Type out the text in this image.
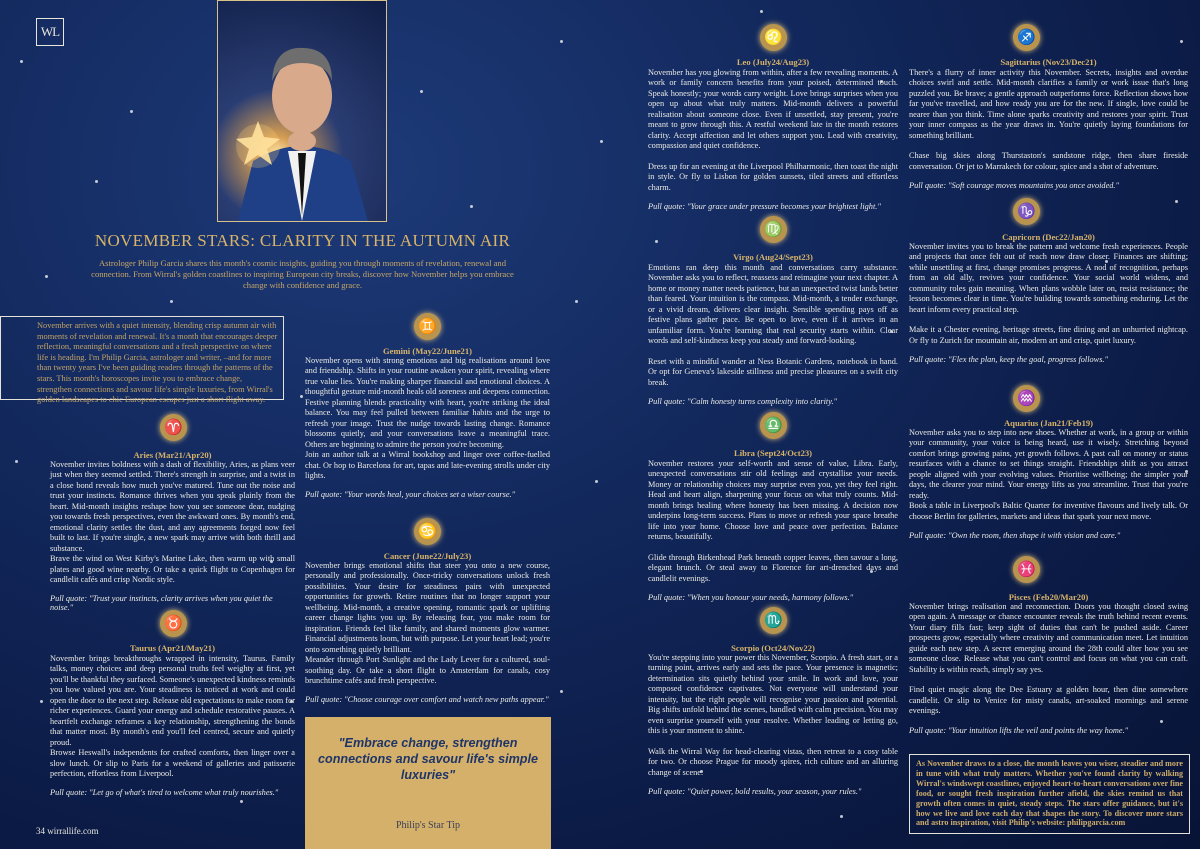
WL
NOVEMBER STARS: CLARITY IN THE AUTUMN AIR
Astrologer Philip Garcia shares this month's cosmic insights, guiding you through moments of revelation, renewal and connection. From Wirral's golden coastlines to inspiring European city breaks, discover how November helps you embrace change with confidence and grace.
November arrives with a quiet intensity, blending crisp autumn air with moments of revelation and renewal. It's a month that encourages deeper reflection, meaningful conversations and a fresh perspective on where life is heading. I'm Philip Garcia, astrologer and writer, –and for more than twenty years I've been guiding readers through the patterns of the stars. This month's horoscopes invite you to embrace change, strengthen connections and savour life's simple luxuries, from Wirral's golden landscapes to chic European escapes just a short flight away.
♈
Aries (Mar21/Apr20)
November invites boldness with a dash of flexibility, Aries, as plans veer just when they seemed settled. There's strength in surprise, and a twist in a close bond reveals how much you've matured. Tune out the noise and trust your instincts. Romance thrives when you speak plainly from the heart. Mid-month insights reshape how you see someone dear, nudging you towards fresh perspectives, even the awkward ones. By month's end, emotional clarity settles the dust, and any agreements forged now feel built to last. If you're single, a new spark may arrive with both thrill and substance.
Brave the wind on West Kirby's Marine Lake, then warm up with small plates and good wine nearby. Or take a quick flight to Copenhagen for candlelit cafés and crisp Nordic style.
Pull quote: "Trust your instincts, clarity arrives when you quiet the noise."
♉
Taurus (Apr21/May21)
November brings breakthroughs wrapped in intensity, Taurus. Family talks, money choices and deep personal truths feel weighty at first, yet you'll be thankful they surfaced. Someone's unexpected kindness reminds you how valued you are. Your steadiness is noticed at work and could open the door to the next step. Release old expectations to make room for richer experiences. Guard your energy and schedule restorative pauses. A heartfelt exchange reframes a key relationship, strengthening the bonds that matter most. By month's end you'll feel centred, secure and quietly proud.
Browse Heswall's independents for crafted comforts, then linger over a slow lunch. Or slip to Paris for a weekend of galleries and patisserie perfection, effortless from Liverpool.
Pull quote: "Let go of what's tired to welcome what truly nourishes."
♊
Gemini (May22/June21)
November opens with strong emotions and big realisations around love and friendship. Shifts in your routine awaken your spirit, revealing where true value lies. You're making sharper financial and emotional choices. A thoughtful gesture mid-month heals old soreness and deepens connection. Festive planning blends practicality with heart, you're striking the ideal balance. You may feel pulled between familiar habits and the urge to refresh your image. Trust the nudge towards lasting change. Romance blossoms quietly, and your conversations leave a meaningful trace. Others are beginning to admire the person you're becoming.
Join an author talk at a Wirral bookshop and linger over coffee-fuelled chat. Or hop to Barcelona for art, tapas and late-evening strolls under city lights.
Pull quote: "Your words heal, your choices set a wiser course."
♋
Cancer (June22/July23)
November brings emotional shifts that steer you onto a new course, personally and professionally. Once-tricky conversations unlock fresh possibilities. Your desire for steadiness pairs with unexpected opportunities for growth. Retire routines that no longer support your wellbeing. Mid-month, a creative opening, romantic spark or uplifting career change lights you up. By releasing fear, you make room for inspiration. Friends feel like family, and shared moments glow warmer. Financial adjustments loom, but with purpose. Let your heart lead; you're onto something quietly brilliant.
Meander through Port Sunlight and the Lady Lever for a cultured, soul-soothing day. Or take a short flight to Amsterdam for canals, cosy brunchtime cafés and fresh perspective.
Pull quote: "Choose courage over comfort and watch new paths appear."
"Embrace change, strengthen connections and savour life's simple luxuries"
Philip's Star Tip
♌
Leo (July24/Aug23)
November has you glowing from within, after a few revealing moments. A work or family concern benefits from your poised, determined touch. Speak honestly; your words carry weight. Love brings surprises when you open up about what truly matters. Mid-month delivers a powerful realisation about someone close. Even if unsettled, stay present, you're meant to grow through this. A restful weekend late in the month restores clarity. Accept affection and let others support you. Lead with creativity, compassion and quiet confidence.
Dress up for an evening at the Liverpool Philharmonic, then toast the night in style. Or fly to Lisbon for golden sunsets, tiled streets and effortless charm.
Pull quote: "Your grace under pressure becomes your brightest light."
♍
Virgo (Aug24/Sept23)
Emotions ran deep this month and conversations carry substance. November asks you to reflect, reassess and reimagine your next chapter. A home or money matter needs patience, but an unexpected twist lands better than feared. Your intuition is the compass. Mid-month, a tender exchange, or a vivid dream, delivers clear insight. Sensible spending pays off as festive plans gather pace. Be open to love, even if it arrives in an unfamiliar form. You're learning that real security starts within. Clear words and self-kindness keep you steady and forward-looking.
Reset with a mindful wander at Ness Botanic Gardens, notebook in hand. Or opt for Geneva's lakeside stillness and precise pleasures on a swift city break.
Pull quote: "Calm honesty turns complexity into clarity."
♎
Libra (Sept24/Oct23)
November restores your self-worth and sense of value, Libra. Early, unexpected conversations stir old feelings and crystallise your needs. Money or relationship choices may surprise even you, yet they feel right. Head and heart align, sharpening your focus on what truly counts. Mid-month brings healing where honesty has been missing. A decision now underpins long-term success. Plans to move or refresh your space breathe life into your home. Choose love and peace over perfection. Balance returns, beautifully.
Glide through Birkenhead Park beneath copper leaves, then savour a long, elegant brunch. Or steal away to Florence for art-drenched days and candlelit evenings.
Pull quote: "When you honour your needs, harmony follows."
♏
Scorpio (Oct24/Nov22)
You're stepping into your power this November, Scorpio. A fresh start, or a turning point, arrives early and sets the pace. Your presence is magnetic; determination sits quietly behind your smile. In work and love, your composed confidence captivates. Not everyone will understand your intensity, but the right people will recognise your passion and potential. Big shifts unfold behind the scenes, handled with calm precision. You may even surprise yourself with your resolve. Whether leading or letting go, this is your moment to shine.
Walk the Wirral Way for head-clearing vistas, then retreat to a cosy table for two. Or choose Prague for moody spires, rich culture and an alluring change of scene.
Pull quote: "Quiet power, bold results, your season, your rules."
♐
Sagittarius (Nov23/Dec21)
There's a flurry of inner activity this November. Secrets, insights and overdue choices swirl and settle. Mid-month clarifies a family or work issue that's long puzzled you. Be brave; a gentle approach outperforms force. Reflection shows how far you've travelled, and how ready you are for the new. If single, love could be nearer than you think. Time alone sparks creativity and restores your spirit. Trust your inner compass as the year draws in. You're quietly laying foundations for something brilliant.
Chase big skies along Thurstaston's sandstone ridge, then share fireside conversation. Or jet to Marrakech for colour, spice and a shot of adventure.
Pull quote: "Soft courage moves mountains you once avoided."
♑
Capricorn (Dec22/Jan20)
November invites you to break the pattern and welcome fresh experiences. People and projects that once felt out of reach now draw closer. Finances are shifting; while unsettling at first, change promises progress. A nod of recognition, perhaps from an old ally, revives your confidence. Your social world widens, and community roles gain meaning. When plans wobble later on, resist resistance; the lesson becomes clear in time. You're building towards something enduring. Let the heart inform every practical step.
Make it a Chester evening, heritage streets, fine dining and an unhurried nightcap. Or fly to Zurich for mountain air, modern art and crisp, quiet luxury.
Pull quote: "Flex the plan, keep the goal, progress follows."
♒
Aquarius (Jan21/Feb19)
November asks you to step into new shoes. Whether at work, in a group or within your community, your voice is being heard, use it wisely. Stretching beyond comfort brings growing pains, yet growth follows. A past call on money or status resurfaces with a chance to set things straight. Friendships shift as you attract people aligned with your evolving values. Prioritise wellbeing; the simpler your days, the clearer your mind. Your energy lifts as you streamline. Trust that you're ready.
Book a table in Liverpool's Baltic Quarter for inventive flavours and lively talk. Or choose Berlin for galleries, markets and ideas that spark your next move.
Pull quote: "Own the room, then shape it with vision and care."
♓
Pisces (Feb20/Mar20)
November brings realisation and reconnection. Doors you thought closed swing open again. A message or chance encounter reveals the truth behind recent events. Your diary fills fast; keep sight of duties that can't be pushed aside. Career prospects grow, especially where creativity and communication meet. Let intuition guide each new step. A secret emerging around the 28th could alter how you see someone close. Release what you can't control and focus on what you can craft. Stability is within reach, simply say yes.
Find quiet magic along the Dee Estuary at golden hour, then dine somewhere candlelit. Or slip to Venice for misty canals, art-soaked mornings and serene evenings.
Pull quote: "Your intuition lifts the veil and points the way home."
As November draws to a close, the month leaves you wiser, steadier and more in tune with what truly matters. Whether you've found clarity by walking Wirral's windswept coastlines, enjoyed heart-to-heart conversations over fine food, or sought fresh inspiration further afield, the skies remind us that growth often comes in quiet, steady steps. The stars offer guidance, but it's how we live and love each day that shapes the story. To discover more stars and astro inspiration, visit Philip's website: philipgarcia.com
34 wirrallife.com
